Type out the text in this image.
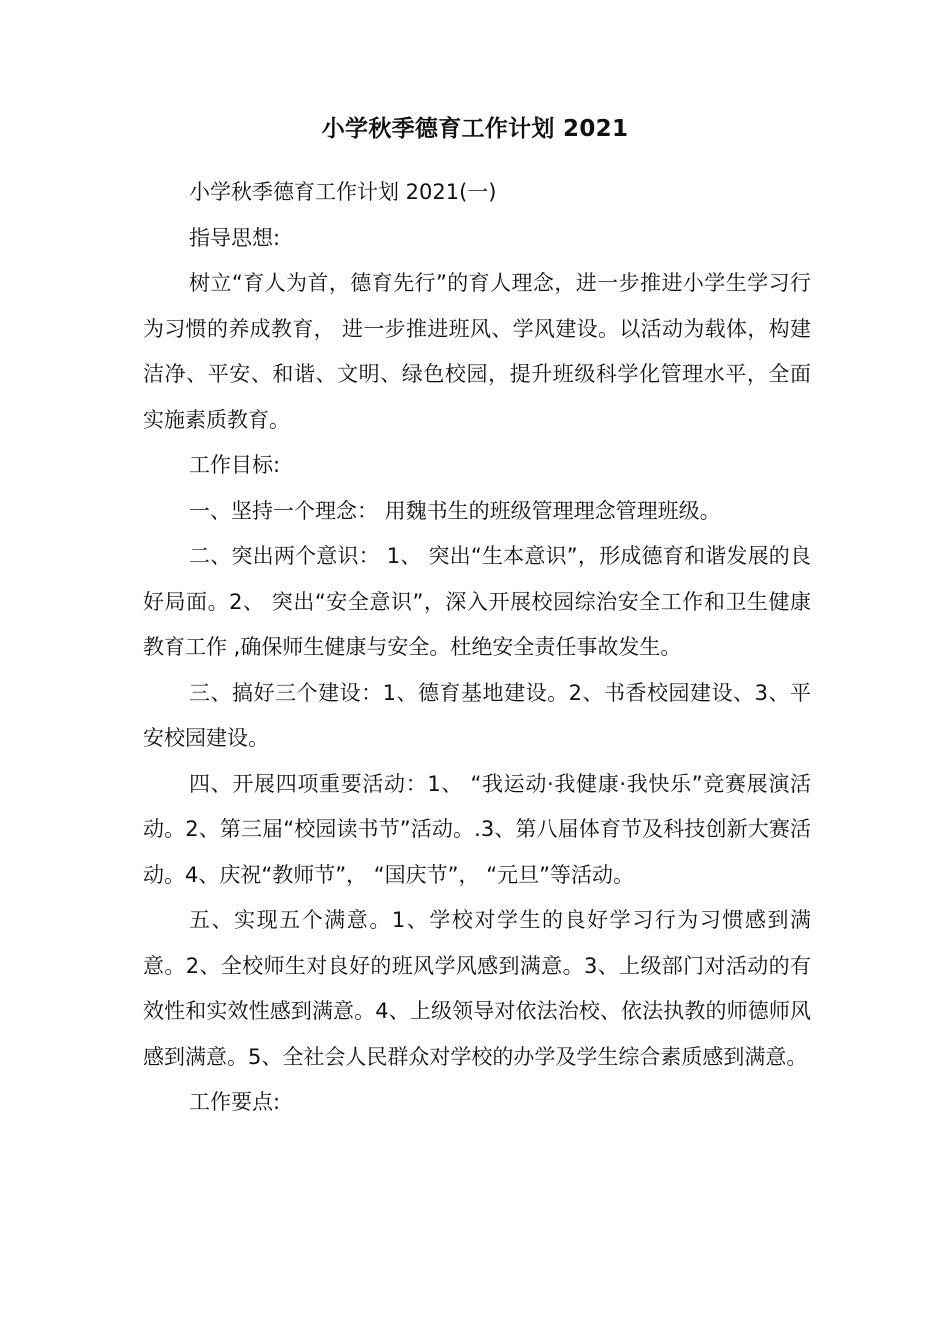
小学秋季德育工作计划 2021

小学秋季德育工作计划 2021(一)

指导思想:

树立“育人为首，德育先行”的育人理念，进一步推进小学生学习行为习惯的养成教育， 进一步推进班风、学风建设。以活动为载体，构建洁净、平安、和谐、文明、绿色校园，提升班级科学化管理水平，全面实施素质教育。

工作目标:

一、坚持一个理念： 用魏书生的班级管理理念管理班级。

二、突出两个意识： 1、 突出“生本意识”，形成德育和谐发展的良好局面。2、 突出“安全意识”，深入开展校园综治安全工作和卫生健康教育工作 ,确保师生健康与安全。杜绝安全责任事故发生。

三、搞好三个建设：1、德育基地建设。2、书香校园建设、3、平安校园建设。

四、开展四项重要活动：1、 “我运动·我健康·我快乐”竞赛展演活动。2、第三届“校园读书节”活动。.3、第八届体育节及科技创新大赛活动。4、庆祝“教师节”， “国庆节”， “元旦”等活动。

五、实现五个满意。1、学校对学生的良好学习行为习惯感到满意。2、全校师生对良好的班风学风感到满意。3、上级部门对活动的有效性和实效性感到满意。4、上级领导对依法治校、依法执教的师德师风感到满意。5、全社会人民群众对学校的办学及学生综合素质感到满意。

工作要点:
